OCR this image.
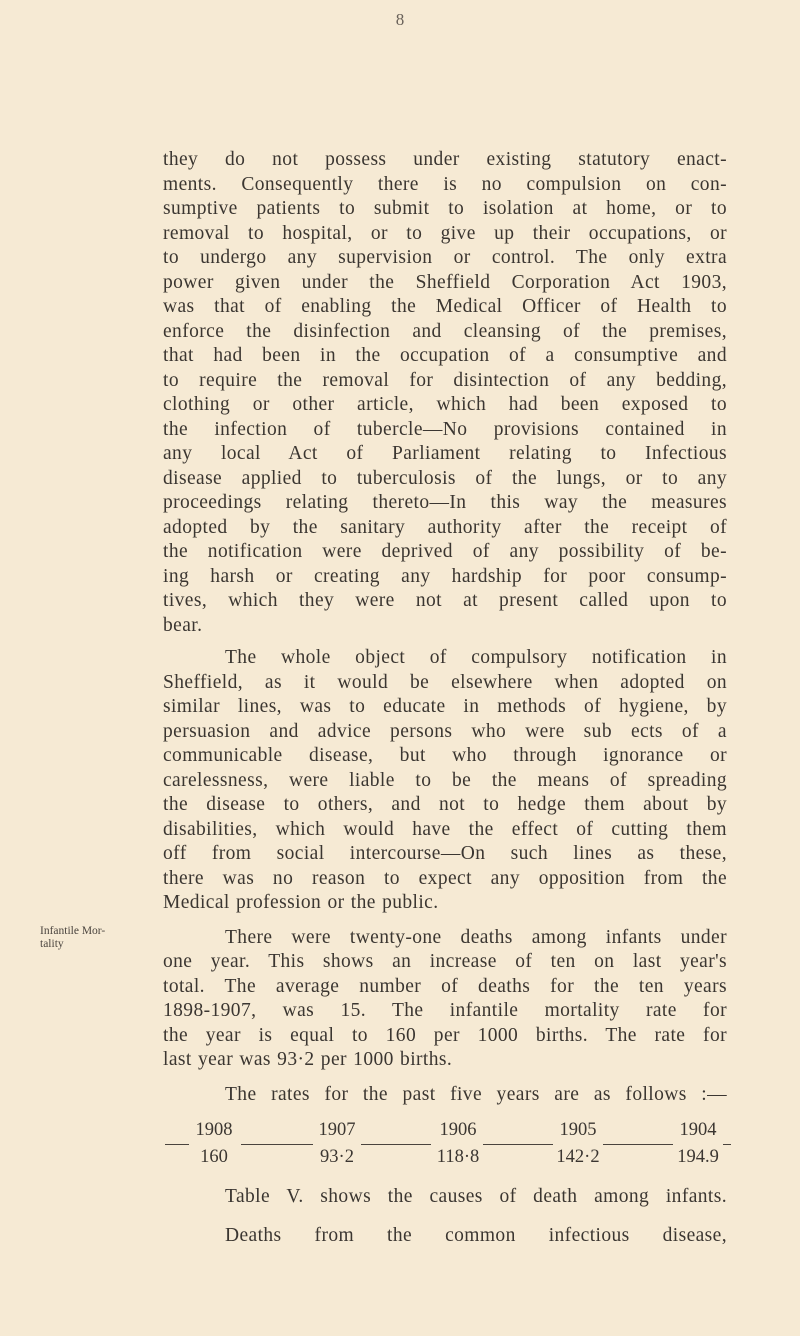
8
Infantile Mor-
tality
they do not possess under existing statutory enact-
ments. Consequently there is no compulsion on con-
sumptive patients to submit to isolation at home, or to
removal to hospital, or to give up their occupations, or
to undergo any supervision or control. The only extra
power given under the Sheffield Corporation Act 1903,
was that of enabling the Medical Officer of Health to
enforce the disinfection and cleansing of the premises,
that had been in the occupation of a consumptive and
to require the removal for disintection of any bedding,
clothing or other article, which had been exposed to
the infection of tubercle—No provisions contained in
any local Act of Parliament relating to Infectious
disease applied to tuberculosis of the lungs, or to any
proceedings relating thereto—In this way the measures
adopted by the sanitary authority after the receipt of
the notification were deprived of any possibility of be-
ing harsh or creating any hardship for poor consump-
tives, which they were not at present called upon to
bear.
The whole object of compulsory notification in
Sheffield, as it would be elsewhere when adopted on
similar lines, was to educate in methods of hygiene, by
persuasion and advice persons who were sub ects of a
communicable disease, but who through ignorance or
carelessness, were liable to be the means of spreading
the disease to others, and not to hedge them about by
disabilities, which would have the effect of cutting them
off from social intercourse—On such lines as these,
there was no reason to expect any opposition from the
Medical profession or the public.
There were twenty-one deaths among infants under
one year. This shows an increase of ten on last year's
total. The average number of deaths for the ten years
1898-1907, was 15. The infantile mortality rate for
the year is equal to 160 per 1000 births. The rate for
last year was 93·2 per 1000 births.
The rates for the past five years are as follows :—
1908
160
1907
93·2
1906
118·8
1905
142·2
1904
194.9
Table V. shows the causes of death among infants.
Deaths from the common infectious disease,
